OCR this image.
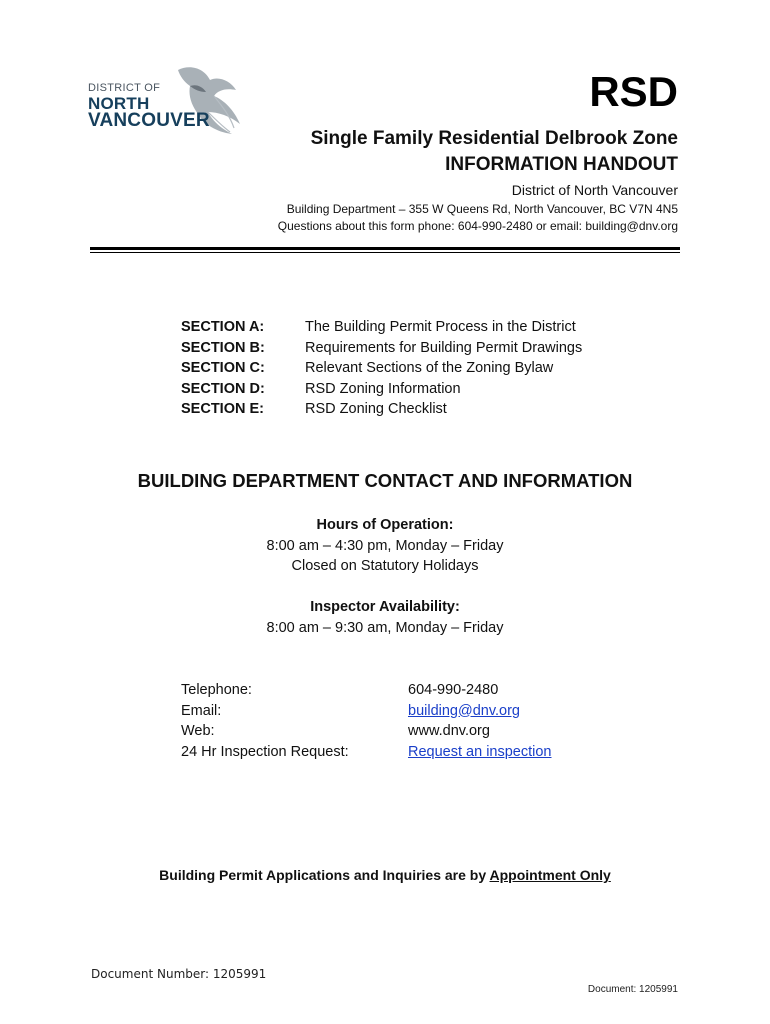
DISTRICT OF
NORTH
VANCOUVER
RSD
Single Family Residential Delbrook Zone
INFORMATION HANDOUT
District of North Vancouver
Building Department – 355 W Queens Rd, North Vancouver, BC V7N 4N5
Questions about this form phone: 604-990-2480 or email: building@dnv.org
SECTION A:	The Building Permit Process in the District
SECTION B:	Requirements for Building Permit Drawings
SECTION C:	Relevant Sections of the Zoning Bylaw
SECTION D:	RSD Zoning Information
SECTION E:	RSD Zoning Checklist
BUILDING DEPARTMENT CONTACT AND INFORMATION
Hours of Operation:
8:00 am – 4:30 pm, Monday – Friday
Closed on Statutory Holidays
Inspector Availability:
8:00 am – 9:30 am, Monday – Friday
Telephone:	604-990-2480
Email:	building@dnv.org
Web:	www.dnv.org
24 Hr Inspection Request:	Request an inspection
Building Permit Applications and Inquiries are by Appointment Only
Document Number: 1205991
Document: 1205991
